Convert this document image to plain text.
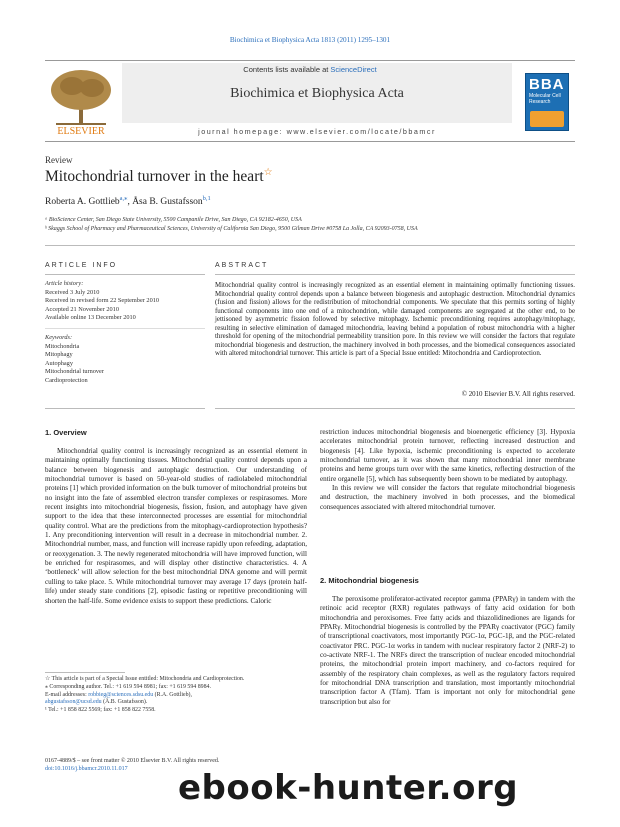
Biochimica et Biophysica Acta 1813 (2011) 1295–1301
ELSEVIER
Contents lists available at ScienceDirect
Biochimica et Biophysica Acta
journal homepage: www.elsevier.com/locate/bbamcr
BBA
Molecular Cell Research
Review
Mitochondrial turnover in the heart☆
Roberta A. Gottlieb$^{a,⁎}$, Åsa B. Gustafsson$^{b,1}$
ᵃ BioScience Center, San Diego State University, 5500 Campanile Drive, San Diego, CA 92182-4650, USA
ᵇ Skaggs School of Pharmacy and Pharmaceutical Sciences, University of California San Diego, 9500 Gilman Drive #0758 La Jolla, CA 92093-0758, USA
ARTICLE INFO	ABSTRACT
Article history:
Received 3 July 2010
Received in revised form 22 September 2010
Accepted 21 November 2010
Available online 13 December 2010
Keywords:
Mitochondria
Mitophagy
Autophagy
Mitochondrial turnover
Cardioprotection
Mitochondrial quality control is increasingly recognized as an essential element in maintaining optimally functioning tissues. Mitochondrial quality control depends upon a balance between biogenesis and autophagic destruction. Mitochondrial dynamics (fusion and fission) allows for the redistribution of mitochondrial components. We speculate that this permits sorting of highly functional components into one end of a mitochondrion, while damaged components are segregated at the other end, to be jettisoned by asymmetric fission followed by selective mitophagy. Ischemic preconditioning requires autophagy/mitophagy, resulting in selective elimination of damaged mitochondria, leaving behind a population of robust mitochondria with a higher threshold for opening of the mitochondrial permeability transition pore. In this review we will consider the factors that regulate mitochondrial biogenesis and destruction, the machinery involved in both processes, and the biomedical consequences associated with altered mitochondrial turnover. This article is part of a Special Issue entitled: Mitochondria and Cardioprotection.
© 2010 Elsevier B.V. All rights reserved.
1. Overview

Mitochondrial quality control is increasingly recognized as an essential element in maintaining optimally functioning tissues. Mitochondrial quality control depends upon a balance between biogenesis and autophagic destruction. Our understanding of mitochondrial turnover is based on 50-year-old studies of radiolabeled mitochondrial proteins [1] which provided information on the bulk turnover of mitochondrial proteins but no insight into the fate of assembled electron transfer complexes or respirasomes. More recent insights into mitochondrial biogenesis, fission, fusion, and autophagy have given support to the idea that these interconnected processes are essential for mitochondrial quality control. What are the predictions from the mitophagy-cardioprotection hypothesis? 1. Any preconditioning intervention will result in a decrease in mitochondrial number. 2. Mitochondrial number, mass, and function will increase rapidly upon refeeding, adaptation, or reoxygenation. 3. The newly regenerated mitochondria will have improved function, will be enriched for respirasomes, and will display other distinctive characteristics. 4. A ‘bottleneck’ will allow selection for the best mitochondrial DNA genome and will permit culling to take place. 5. While mitochondrial turnover may average 17 days (protein half-life) under steady state conditions [2], episodic fasting or repetitive preconditioning will shorten the half-life. Some evidence exists to support these predictions. Caloric

restriction induces mitochondrial biogenesis and bioenergetic efficiency [3]. Hypoxia accelerates mitochondrial protein turnover, reflecting increased destruction and biogenesis [4]. Like hypoxia, ischemic preconditioning is expected to accelerate mitochondrial turnover, as it was shown that many mitochondrial inner membrane proteins and heme groups turn over with the same kinetics, reflecting destruction of the entire organelle [5], which has subsequently been shown to be mediated by autophagy.

In this review we will consider the factors that regulate mitochondrial biogenesis and destruction, the machinery involved in both processes, and the biomedical consequences associated with altered mitochondrial turnover.

2. Mitochondrial biogenesis

The peroxisome proliferator-activated receptor gamma (PPARγ) in tandem with the retinoic acid receptor (RXR) regulates pathways of fatty acid oxidation for both mitochondria and peroxisomes. Free fatty acids and thiazolidinediones are ligands for PPARγ. Mitochondrial biogenesis is controlled by the PPARγ coactivator (PGC) family of transcriptional coactivators, most importantly PGC-1α, PGC-1β, and the PGC-related coactivator PRC. PGC-1α works in tandem with nuclear respiratory factor 2 (NRF-2) to co-activate NRF-1. The NRFs direct the transcription of nuclear encoded mitochondrial proteins, the mitochondrial protein import machinery, and co-factors required for assembly of the respiratory chain complexes, as well as the regulatory factors required for mitochondrial DNA transcription and translation, most importantly mitochondrial transcription factor A (Tfam). Tfam is important not only for mitochondrial gene transcription but also for

☆ This article is part of a Special Issue entitled: Mitochondria and Cardioprotection.
⁎ Corresponding author. Tel.: +1 619 594 8981; fax: +1 619 594 8984.
E-mail addresses: robbieg@sciences.sdsu.edu (R.A. Gottlieb),
abgustafsson@ucsd.edu (Å.B. Gustafsson).
¹ Tel.: +1 858 822 5569; fax: +1 858 822 7558.
0167-4889/$ – see front matter © 2010 Elsevier B.V. All rights reserved.
doi:10.1016/j.bbamcr.2010.11.017	ebook-hunter.org
